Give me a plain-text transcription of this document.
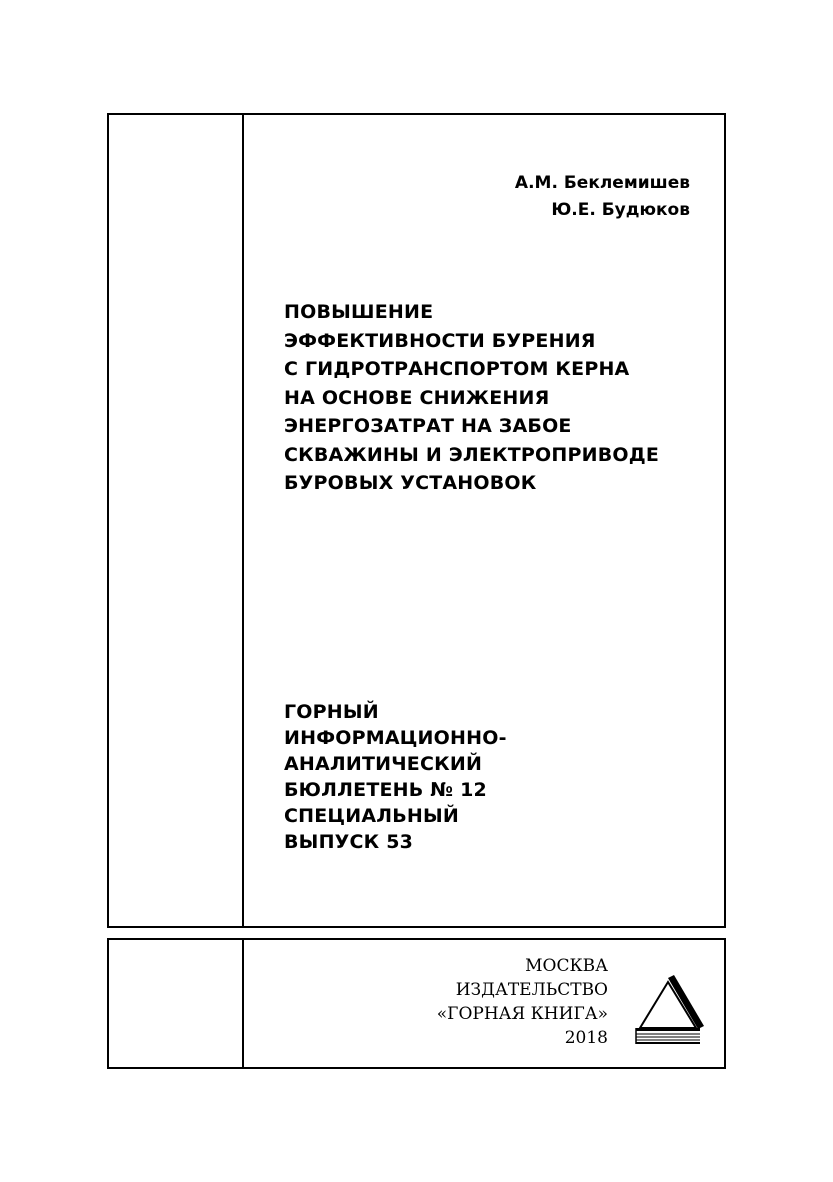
А.М. Беклемишев
Ю.Е. Будюков
ПОВЫШЕНИЕ
ЭФФЕКТИВНОСТИ БУРЕНИЯ
С ГИДРОТРАНСПОРТОМ КЕРНА
НА ОСНОВЕ СНИЖЕНИЯ
ЭНЕРГОЗАТРАТ НА ЗАБОЕ
СКВАЖИНЫ И ЭЛЕКТРОПРИВОДЕ
БУРОВЫХ УСТАНОВОК
ГОРНЫЙ
ИНФОРМАЦИОННО-
АНАЛИТИЧЕСКИЙ
БЮЛЛЕТЕНЬ № 12
СПЕЦИАЛЬНЫЙ
ВЫПУСК 53
МОСКВА
ИЗДАТЕЛЬСТВО
«ГОРНАЯ КНИГА»
2018
